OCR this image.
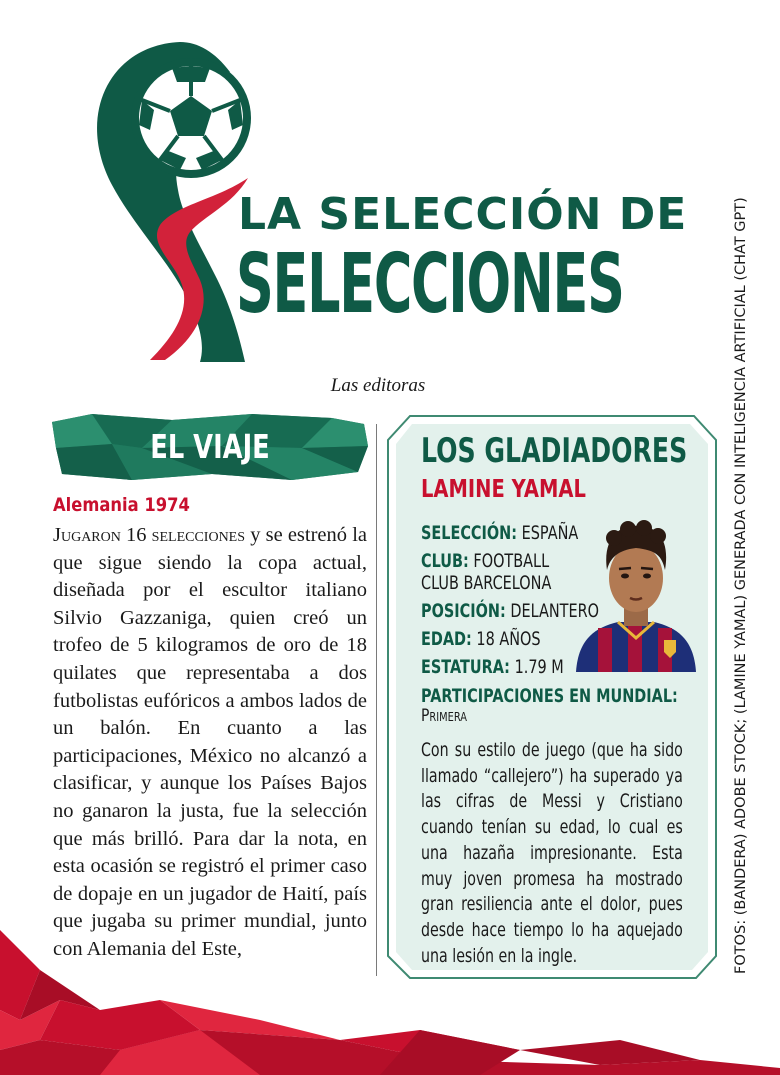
LA SELECCIÓN DE
SELECCIONES
Las editoras
EL VIAJE
Alemania 1974
Jugaron 16 selecciones y se estrenó la que sigue siendo la copa actual, diseñada por el escultor italiano Silvio Gazzaniga, quien creó un trofeo de 5 kilogramos de oro de 18 quilates que representaba a dos futbolistas eufóricos a ambos lados de un balón. En cuanto a las participaciones, México no alcanzó a clasificar, y aunque los Países Bajos no ganaron la justa, fue la selección que más brilló. Para dar la nota, en esta ocasión se registró el primer caso de dopaje en un jugador de Haití, país que jugaba su primer mundial, junto con Alemania del Este,
LOS GLADIADORES
LAMINE YAMAL
SELECCIÓN: ESPAÑA
CLUB: FOOTBALL
CLUB BARCELONA
POSICIÓN: DELANTERO
EDAD: 18 AÑOS
ESTATURA: 1.79 M
PARTICIPACIONES EN MUNDIAL:
Primera
Con su estilo de juego (que ha sido llamado “callejero”) ha superado ya las cifras de Messi y Cristiano cuando tenían su edad, lo cual es una hazaña impresionante. Esta muy joven promesa ha mostrado gran resiliencia ante el dolor, pues desde hace tiempo lo ha aquejado una lesión en la ingle.	FOTOS: (BANDERA) ADOBE STOCK; (LAMINE YAMAL) GENERADA CON INTELIGENCIA ARTIFICIAL (CHAT GPT)
